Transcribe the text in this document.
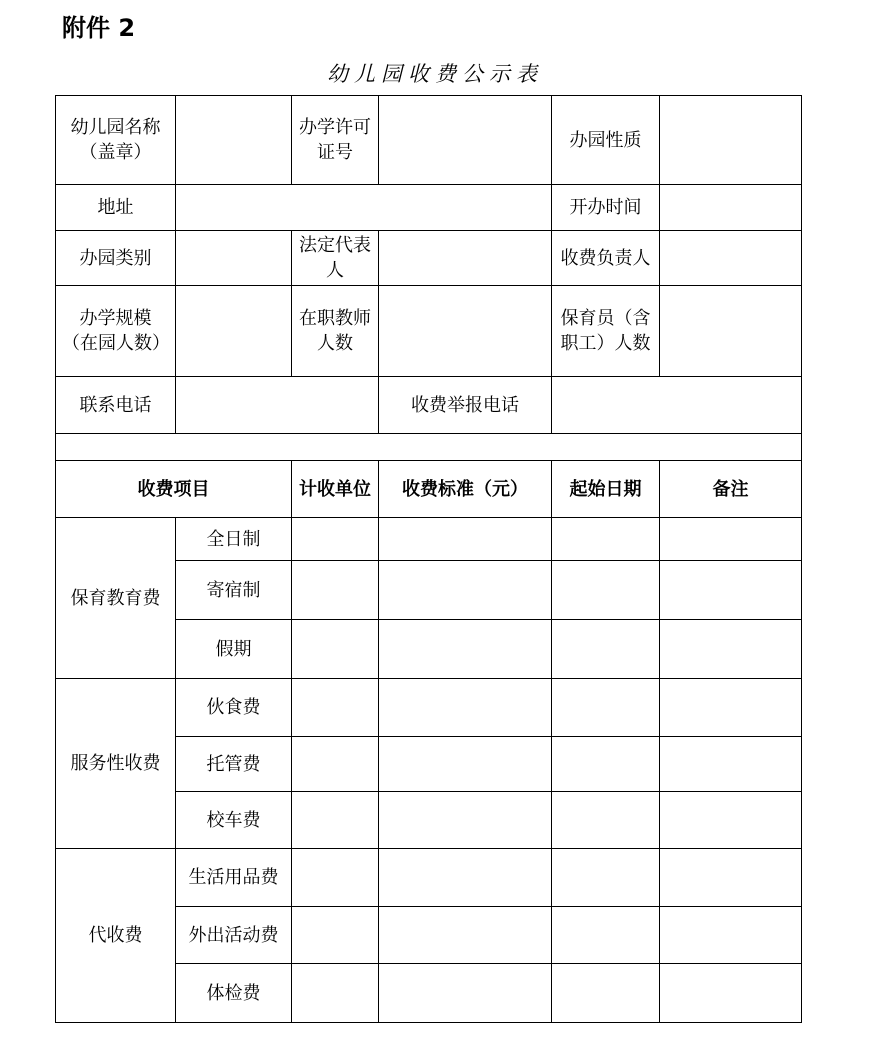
附件 2
幼儿园收费公示表
幼儿园名称（盖章）		办学许可证号		办园性质	
地址				开办时间	
办园类别		法定代表人		收费负责人	
办学规模（在园人数）		在职教师人数		保育员（含职工）人数	
联系电话			收费举报电话		

收费项目		计收单位	收费标准（元）	起始日期	备注
保育教育费	全日制				
	寄宿制				
	假期				
服务性收费	伙食费				
	托管费				
	校车费				
代收费	生活用品费				
	外出活动费				
	体检费				
